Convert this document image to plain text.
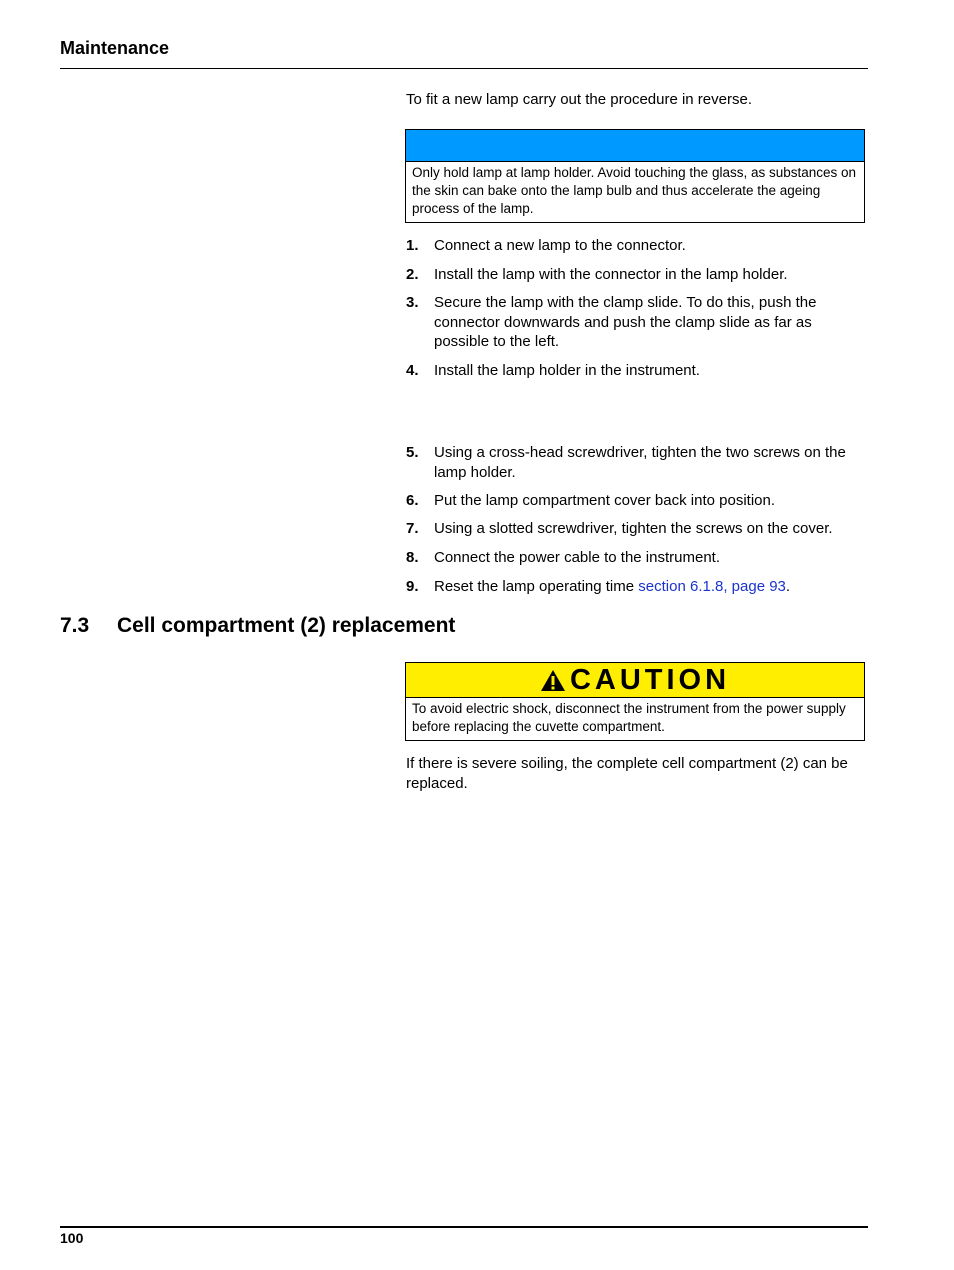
Maintenance
To fit a new lamp carry out the procedure in reverse.
Only hold lamp at lamp holder. Avoid touching the glass, as substances on the skin can bake onto the lamp bulb and thus accelerate the ageing process of the lamp.
1. Connect a new lamp to the connector.
2. Install the lamp with the connector in the lamp holder.
3. Secure the lamp with the clamp slide. To do this, push the connector downwards and push the clamp slide as far as possible to the left.
4. Install the lamp holder in the instrument.
5. Using a cross-head screwdriver, tighten the two screws on the lamp holder.
6. Put the lamp compartment cover back into position.
7. Using a slotted screwdriver, tighten the screws on the cover.
8. Connect the power cable to the instrument.
9. Reset the lamp operating time section 6.1.8, page 93.
7.3 Cell compartment (2) replacement
CAUTION
To avoid electric shock, disconnect the instrument from the power supply before replacing the cuvette compartment.
If there is severe soiling, the complete cell compartment (2) can be replaced.
100
